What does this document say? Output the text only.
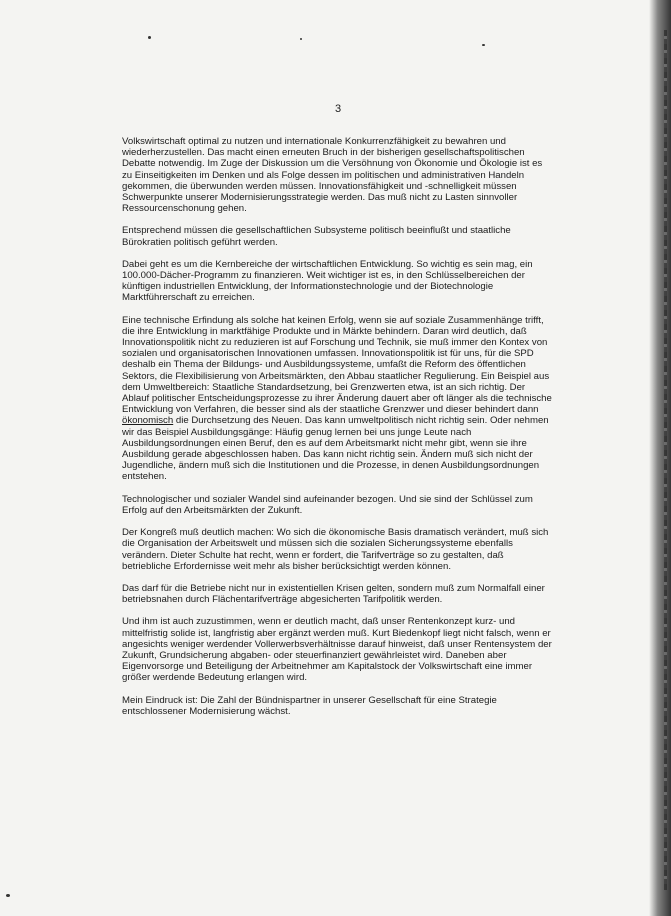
3

Volkswirtschaft optimal zu nutzen und internationale Konkurrenzfähigkeit zu bewahren und wiederherzustellen. Das macht einen erneuten Bruch in der bisherigen gesellschaftspolitischen Debatte notwendig. Im Zuge der Diskussion um die Versöhnung von Ökonomie und Ökologie ist es zu Einseitigkeiten im Denken und als Folge dessen im politischen und administrativen Handeln gekommen, die überwunden werden müssen. Innovationsfähigkeit und -schnelligkeit müssen Schwerpunkte unserer Modernisierungsstrategie werden. Das muß nicht zu Lasten sinnvoller Ressourcenschonung gehen.

Entsprechend müssen die gesellschaftlichen Subsysteme politisch beeinflußt und staatliche Bürokratien politisch geführt werden.

Dabei geht es um die Kernbereiche der wirtschaftlichen Entwicklung. So wichtig es sein mag, ein 100.000-Dächer-Programm zu finanzieren. Weit wichtiger ist es, in den Schlüsselbereichen der künftigen industriellen Entwicklung, der Informationstechnologie und der Biotechnologie Marktführerschaft zu erreichen.

Eine technische Erfindung als solche hat keinen Erfolg, wenn sie auf soziale Zusammenhänge trifft, die ihre Entwicklung in marktfähige Produkte und in Märkte behindern. Daran wird deutlich, daß Innovationspolitik nicht zu reduzieren ist auf Forschung und Technik, sie muß immer den Kontex von sozialen und organisatorischen Innovationen umfassen. Innovationspolitik ist für uns, für die SPD deshalb ein Thema der Bildungs- und Ausbildungssysteme, umfaßt die Reform des öffentlichen Sektors, die Flexibilisierung von Arbeitsmärkten, den Abbau staatlicher Regulierung. Ein Beispiel aus dem Umweltbereich: Staatliche Standardsetzung, bei Grenzwerten etwa, ist an sich richtig. Der Ablauf politischer Entscheidungsprozesse zu ihrer Änderung dauert aber oft länger als die technische Entwicklung von Verfahren, die besser sind als der staatliche Grenzwer und dieser behindert dann ökonomisch die Durchsetzung des Neuen. Das kann umweltpolitisch nicht richtig sein. Oder nehmen wir das Beispiel Ausbildungsgänge: Häufig genug lernen bei uns junge Leute nach Ausbildungsordnungen einen Beruf, den es auf dem Arbeitsmarkt nicht mehr gibt, wenn sie ihre Ausbildung gerade abgeschlossen haben. Das kann nicht richtig sein. Ändern muß sich nicht der Jugendliche, ändern muß sich die Institutionen und die Prozesse, in denen Ausbildungsordnungen entstehen.

Technologischer und sozialer Wandel sind aufeinander bezogen. Und sie sind der Schlüssel zum Erfolg auf den Arbeitsmärkten der Zukunft.

Der Kongreß muß deutlich machen: Wo sich die ökonomische Basis dramatisch verändert, muß sich die Organisation der Arbeitswelt und müssen sich die sozialen Sicherungssysteme ebenfalls verändern. Dieter Schulte hat recht, wenn er fordert, die Tarifverträge so zu gestalten, daß betriebliche Erfordernisse weit mehr als bisher berücksichtigt werden können.

Das darf für die Betriebe nicht nur in existentiellen Krisen gelten, sondern muß zum Normalfall einer betriebsnahen durch Flächentarifverträge abgesicherten Tarifpolitik werden.

Und ihm ist auch zuzustimmen, wenn er deutlich macht, daß unser Rentenkonzept kurz- und mittelfristig solide ist, langfristig aber ergänzt werden muß. Kurt Biedenkopf liegt nicht falsch, wenn er angesichts weniger werdender Vollerwerbsverhältnisse darauf hinweist, daß unser Rentensystem der Zukunft, Grundsicherung abgaben- oder steuerfinanziert gewährleistet wird. Daneben aber Eigenvorsorge und Beteiligung der Arbeitnehmer am Kapitalstock der Volkswirtschaft eine immer größer werdende Bedeutung erlangen wird.

Mein Eindruck ist: Die Zahl der Bündnispartner in unserer Gesellschaft für eine Strategie entschlossener Modernisierung wächst.
